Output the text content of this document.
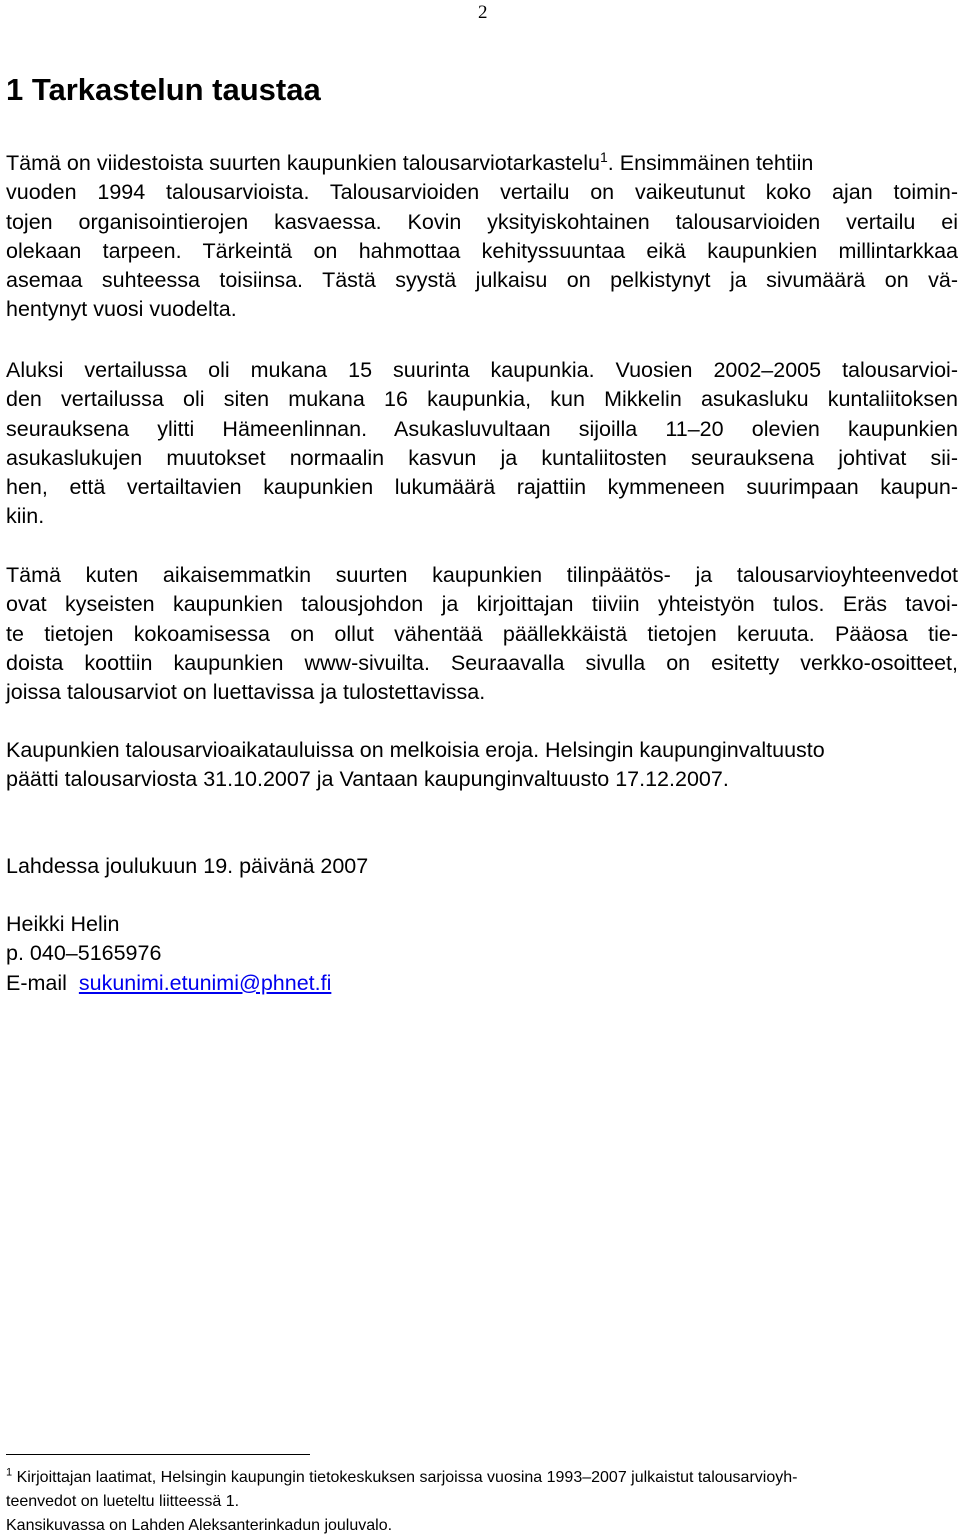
2
1 Tarkastelun taustaa
Tämä on viidestoista suurten kaupunkien talousarviotarkastelu$^1$. Ensimmäinen tehtiin
vuoden 1994 talousarvioista. Talousarvioiden vertailu on vaikeutunut koko ajan toimin-
tojen organisointierojen kasvaessa. Kovin yksityiskohtainen talousarvioiden vertailu ei
olekaan tarpeen. Tärkeintä on hahmottaa kehityssuuntaa eikä kaupunkien millintarkkaa
asemaa suhteessa toisiinsa. Tästä syystä julkaisu on pelkistynyt ja sivumäärä on vä-
hentynyt vuosi vuodelta.
Aluksi vertailussa oli mukana 15 suurinta kaupunkia. Vuosien 2002–2005 talousarvioi-
den vertailussa oli siten mukana 16 kaupunkia, kun Mikkelin asukasluku kuntaliitoksen
seurauksena ylitti Hämeenlinnan. Asukasluvultaan sijoilla 11–20 olevien kaupunkien
asukaslukujen muutokset normaalin kasvun ja kuntaliitosten seurauksena johtivat sii-
hen, että vertailtavien kaupunkien lukumäärä rajattiin kymmeneen suurimpaan kaupun-
kiin.
Tämä kuten aikaisemmatkin suurten kaupunkien tilinpäätös- ja talousarvioyhteenvedot
ovat kyseisten kaupunkien talousjohdon ja kirjoittajan tiiviin yhteistyön tulos. Eräs tavoi-
te tietojen kokoamisessa on ollut vähentää päällekkäistä tietojen keruuta. Pääosa tie-
doista koottiin kaupunkien www-sivuilta. Seuraavalla sivulla on esitetty verkko-osoitteet,
joissa talousarviot on luettavissa ja tulostettavissa.
Kaupunkien talousarvioaikatauluissa on melkoisia eroja. Helsingin kaupunginvaltuusto
päätti talousarviosta 31.10.2007 ja Vantaan kaupunginvaltuusto 17.12.2007.
Lahdessa joulukuun 19. päivänä 2007
Heikki Helin
p. 040–5165976
E-mail sukunimi.etunimi@phnet.fi
$^1$ Kirjoittajan laatimat, Helsingin kaupungin tietokeskuksen sarjoissa vuosina 1993–2007 julkaistut talousarvioyh-
teenvedot on lueteltu liitteessä 1.
Kansikuvassa on Lahden Aleksanterinkadun jouluvalo.
